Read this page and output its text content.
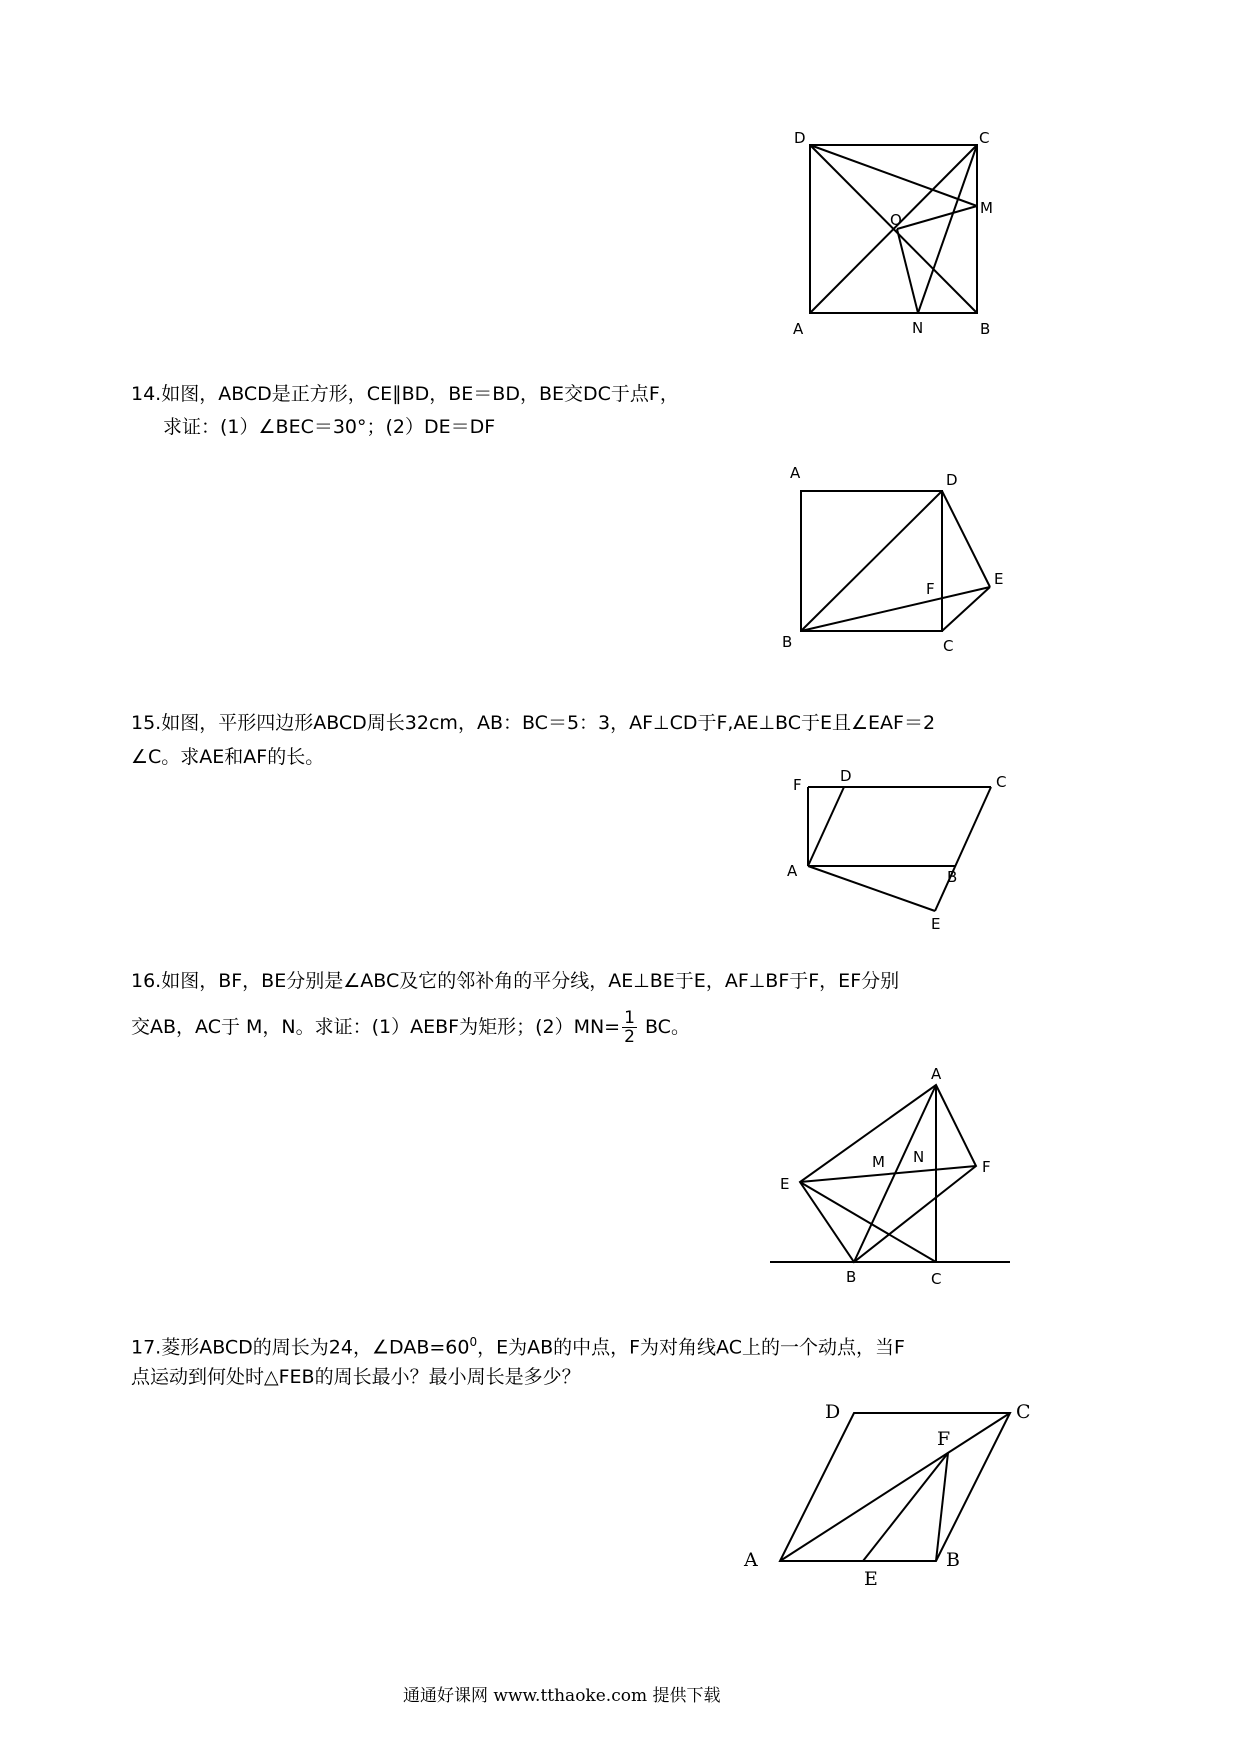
D	C
M
O
A	N	B
14.如图，ABCD是正方形，CE∥BD，BE＝BD，BE交DC于点F，
求证：(1）∠BEC＝30°；(2）DE＝DF
A	D
F
E
B	C
15.如图，平形四边形ABCD周长32cm，AB：BC＝5：3，AF⊥CD于F,AE⊥BC于E且∠EAF＝2
∠C。求AE和AF的长。
F	D	C
A	B
E
16.如图，BF，BE分别是∠ABC及它的邻补角的平分线，AE⊥BE于E，AF⊥BF于F，EF分别
交AB，AC于 M，N。求证：(1）AEBF为矩形；$(2)MN= \frac{1}{2}$ BC。
A
M N
F
E
B	C
17.菱形ABCD的周长为24，$\angle DAB=60^0$，E为AB的中点，F为对角线AC上的一个动点，当F
点运动到何处时△FEB的周长最小？最小周长是多少？
D	C
F
A	B
E
通通好课网 www.tthaoke.com 提供下载
